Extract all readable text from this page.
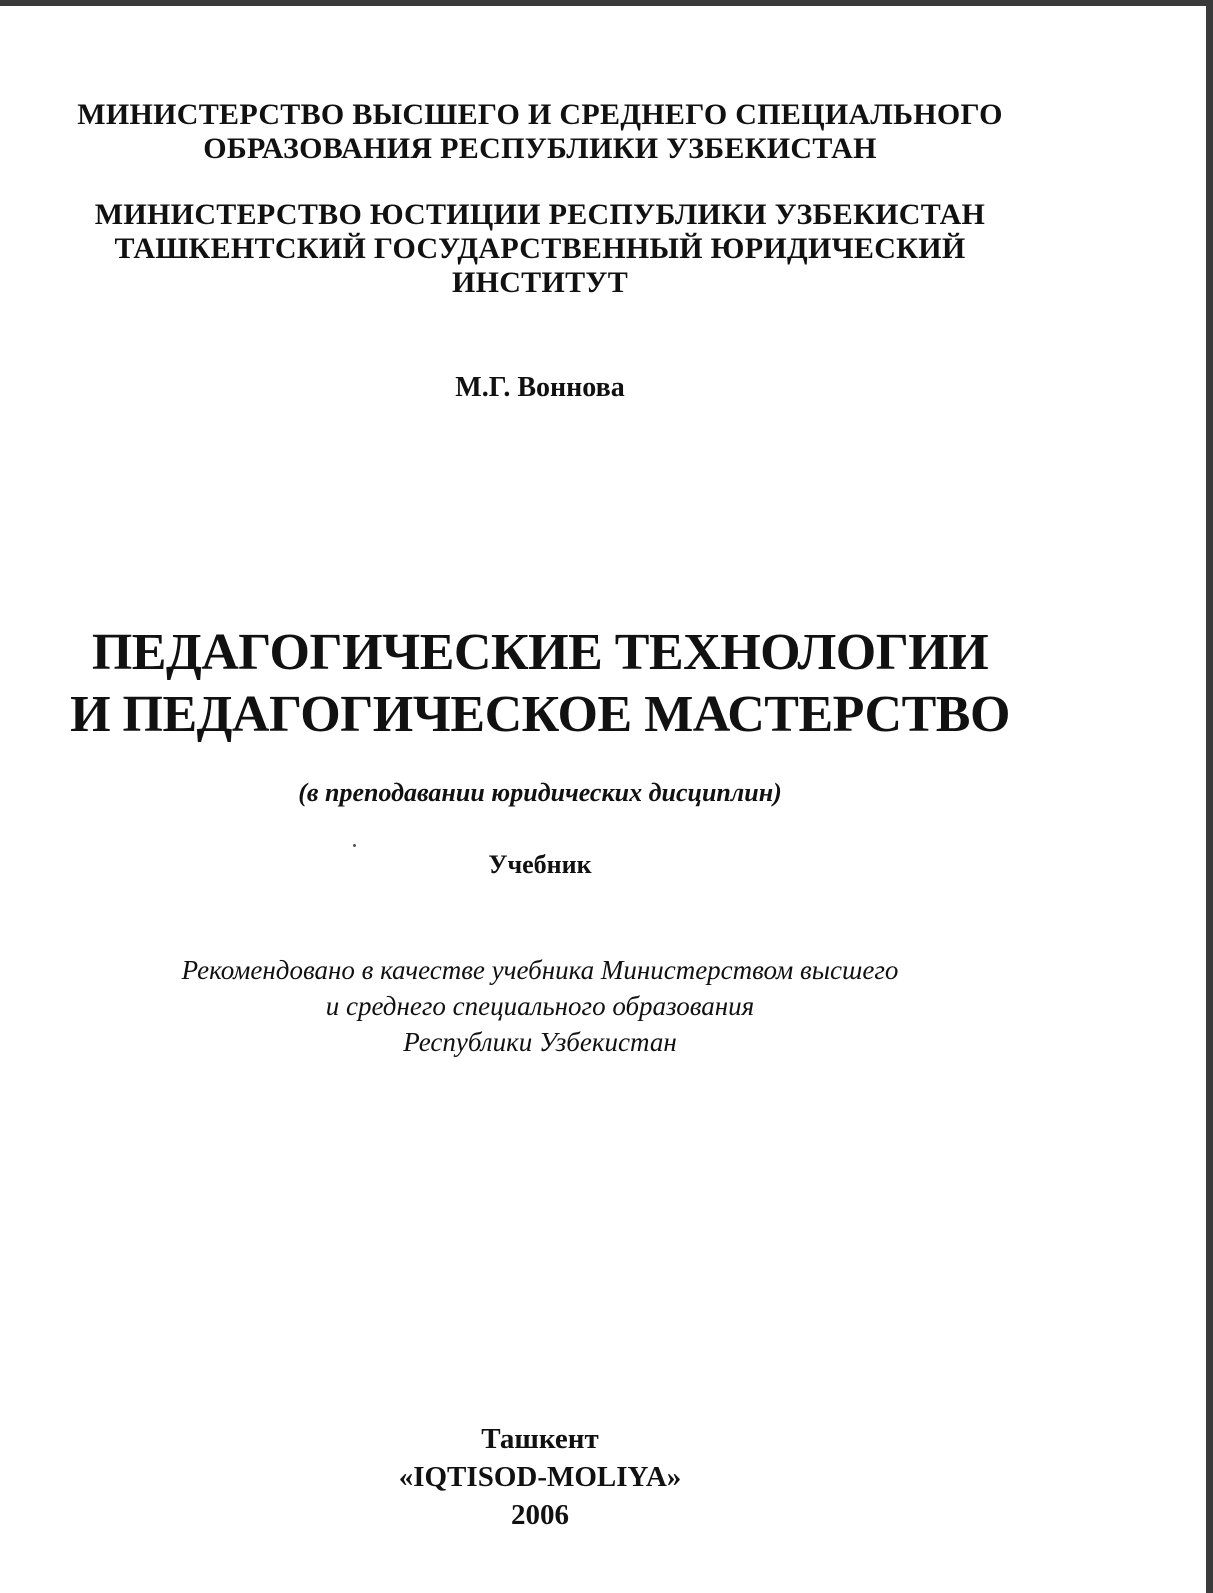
МИНИСТЕРСТВО ВЫСШЕГО И СРЕДНЕГО СПЕЦИАЛЬНОГО
ОБРАЗОВАНИЯ РЕСПУБЛИКИ УЗБЕКИСТАН
МИНИСТЕРСТВО ЮСТИЦИИ РЕСПУБЛИКИ УЗБЕКИСТАН
ТАШКЕНТСКИЙ ГОСУДАРСТВЕННЫЙ ЮРИДИЧЕСКИЙ
ИНСТИТУТ
М.Г. Воннова
ПЕДАГОГИЧЕСКИЕ ТЕХНОЛОГИИ
И ПЕДАГОГИЧЕСКОЕ МАСТЕРСТВО
(в преподавании юридических дисциплин)
Учебник
Рекомендовано в качестве учебника Министерством высшего
и среднего специального образования
Республики Узбекистан
Ташкент
«IQTISOD-MOLIYA»
2006
